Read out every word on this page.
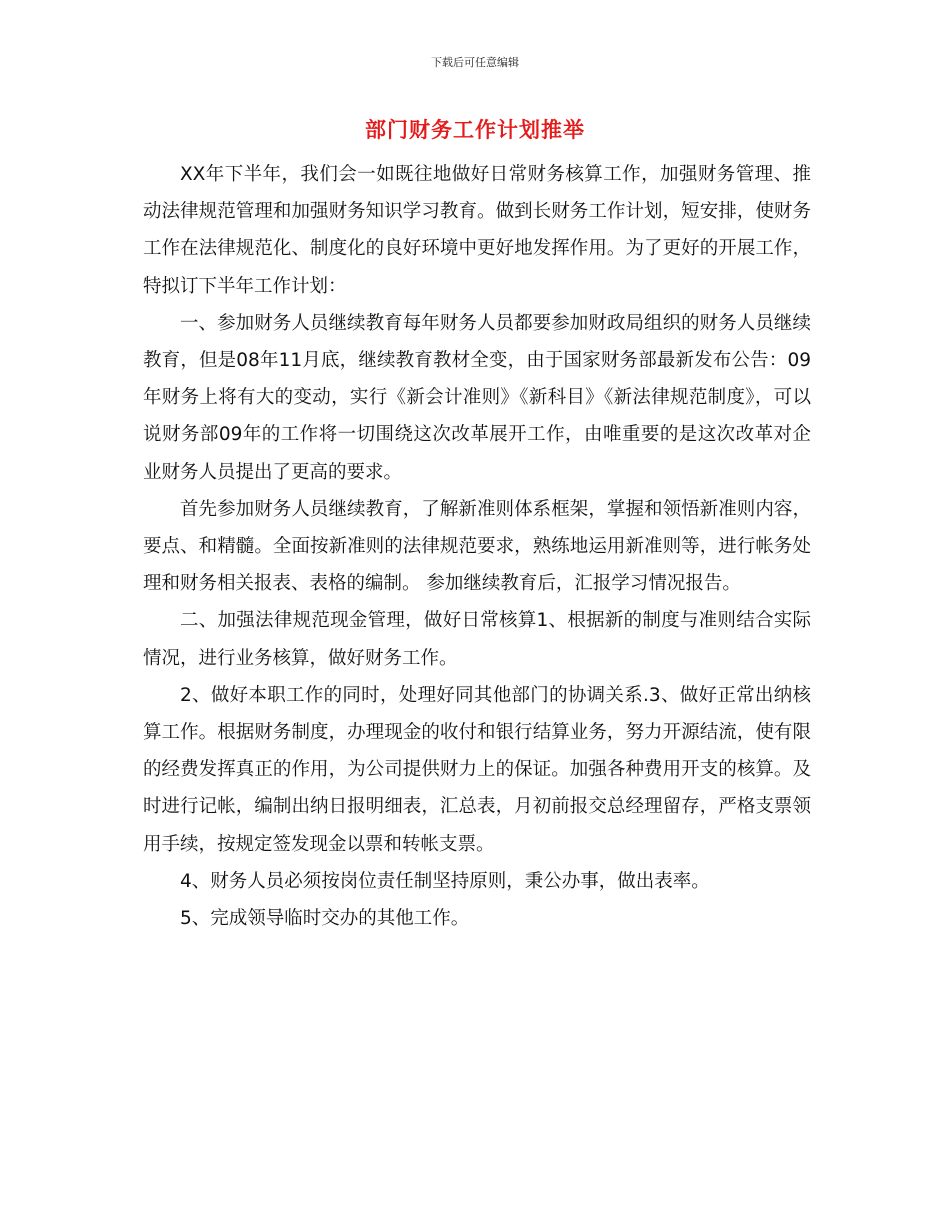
下载后可任意编辑
部门财务工作计划推举

XX年下半年，我们会一如既往地做好日常财务核算工作，加强财务管理、推动法律规范管理和加强财务知识学习教育。做到长财务工作计划，短安排，使财务工作在法律规范化、制度化的良好环境中更好地发挥作用。为了更好的开展工作，特拟订下半年工作计划：

一、参加财务人员继续教育每年财务人员都要参加财政局组织的财务人员继续教育，但是08年11月底，继续教育教材全变，由于国家财务部最新发布公告：09年财务上将有大的变动，实行《新会计准则》《新科目》《新法律规范制度》，可以说财务部09年的工作将一切围绕这次改革展开工作，由唯重要的是这次改革对企业财务人员提出了更高的要求。

首先参加财务人员继续教育，了解新准则体系框架，掌握和领悟新准则内容，要点、和精髓。全面按新准则的法律规范要求，熟练地运用新准则等，进行帐务处理和财务相关报表、表格的编制。 参加继续教育后，汇报学习情况报告。

二、加强法律规范现金管理，做好日常核算1、根据新的制度与准则结合实际情况，进行业务核算，做好财务工作。

2、做好本职工作的同时，处理好同其他部门的协调关系.3、做好正常出纳核算工作。根据财务制度，办理现金的收付和银行结算业务，努力开源结流，使有限的经费发挥真正的作用，为公司提供财力上的保证。加强各种费用开支的核算。及时进行记帐，编制出纳日报明细表，汇总表，月初前报交总经理留存，严格支票领用手续，按规定签发现金以票和转帐支票。

4、财务人员必须按岗位责任制坚持原则，秉公办事，做出表率。

5、完成领导临时交办的其他工作。
